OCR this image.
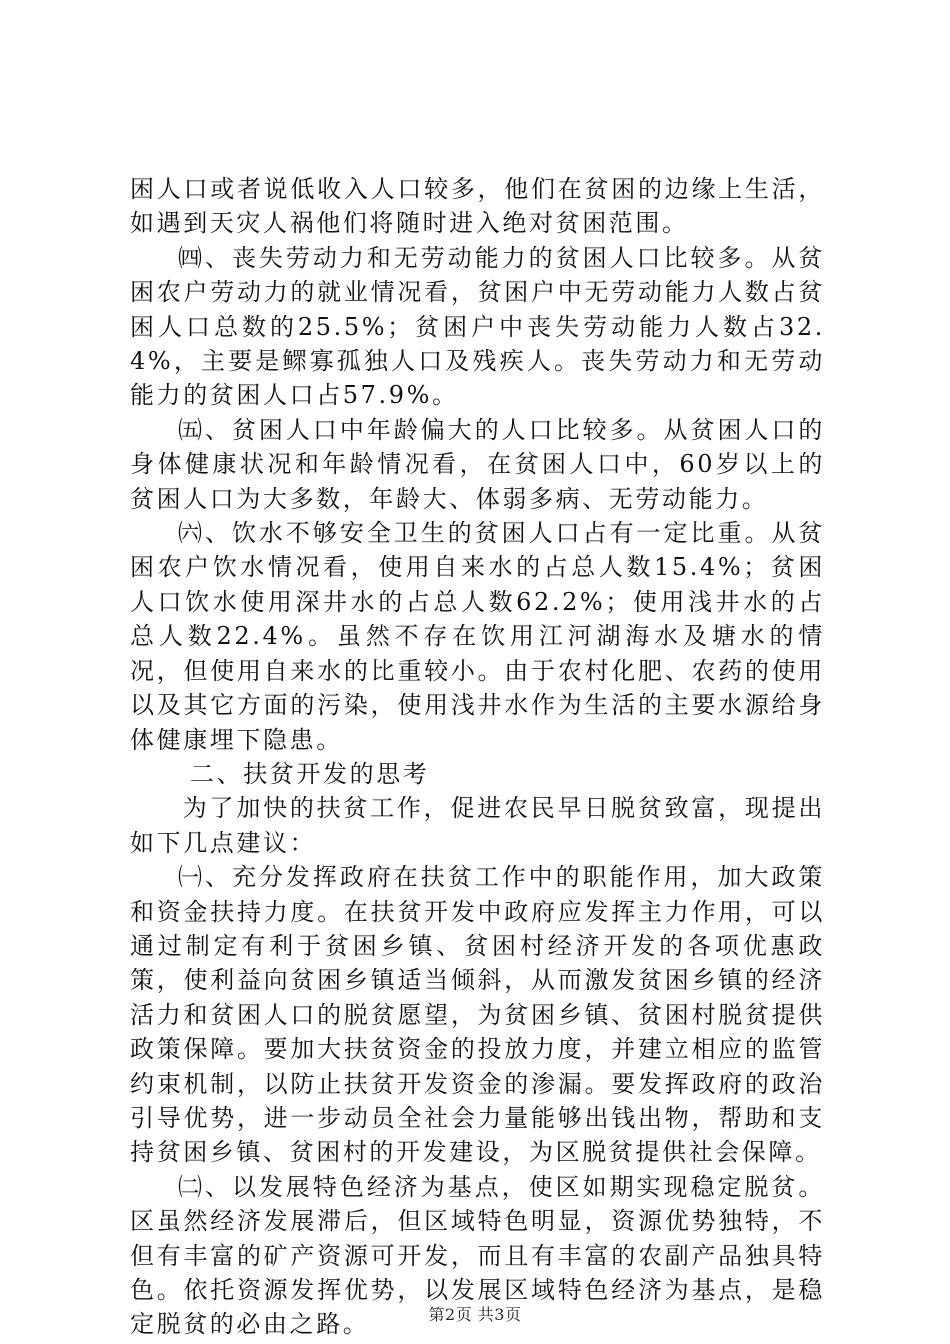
困人口或者说低收入人口较多，他们在贫困的边缘上生活，如遇到天灾人祸他们将随时进入绝对贫困范围。

㈣、丧失劳动力和无劳动能力的贫困人口比较多。从贫困农户劳动力的就业情况看，贫困户中无劳动能力人数占贫困人口总数的25.5%；贫困户中丧失劳动能力人数占32.4%，主要是鳏寡孤独人口及残疾人。丧失劳动力和无劳动能力的贫困人口占57.9%。

㈤、贫困人口中年龄偏大的人口比较多。从贫困人口的身体健康状况和年龄情况看，在贫困人口中，60岁以上的贫困人口为大多数，年龄大、体弱多病、无劳动能力。

㈥、饮水不够安全卫生的贫困人口占有一定比重。从贫困农户饮水情况看，使用自来水的占总人数15.4%；贫困人口饮水使用深井水的占总人数62.2%；使用浅井水的占总人数22.4%。虽然不存在饮用江河湖海水及塘水的情况，但使用自来水的比重较小。由于农村化肥、农药的使用以及其它方面的污染，使用浅井水作为生活的主要水源给身体健康埋下隐患。

二、扶贫开发的思考

为了加快的扶贫工作，促进农民早日脱贫致富，现提出如下几点建议：

㈠、充分发挥政府在扶贫工作中的职能作用，加大政策和资金扶持力度。在扶贫开发中政府应发挥主力作用，可以通过制定有利于贫困乡镇、贫困村经济开发的各项优惠政策，使利益向贫困乡镇适当倾斜，从而激发贫困乡镇的经济活力和贫困人口的脱贫愿望，为贫困乡镇、贫困村脱贫提供政策保障。要加大扶贫资金的投放力度，并建立相应的监管约束机制，以防止扶贫开发资金的渗漏。要发挥政府的政治引导优势，进一步动员全社会力量能够出钱出物，帮助和支持贫困乡镇、贫困村的开发建设，为区脱贫提供社会保障。

㈡、以发展特色经济为基点，使区如期实现稳定脱贫。区虽然经济发展滞后，但区域特色明显，资源优势独特，不但有丰富的矿产资源可开发，而且有丰富的农副产品独具特色。依托资源发挥优势，以发展区域特色经济为基点，是稳定脱贫的必由之路。	第2页 共3页
